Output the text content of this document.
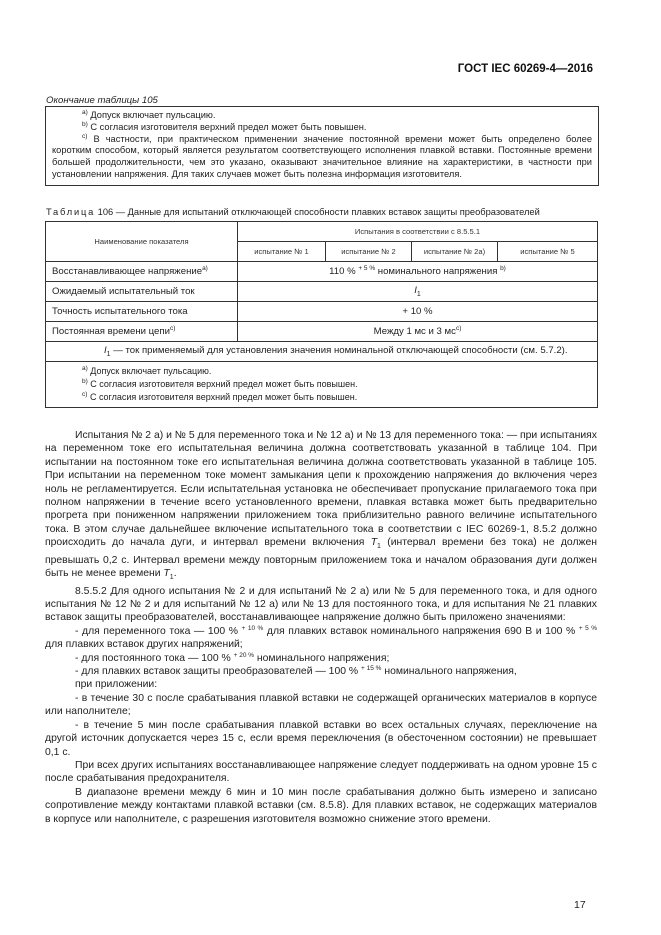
ГОСТ IEC 60269-4—2016
Окончание таблицы 105
$^{a)}$ Допуск включает пульсацию.
$^{b)}$ С согласия изготовителя верхний предел может быть повышен.
$^{c)}$ В частности, при практическом применении значение постоянной времени может быть определено более коротким способом, который является результатом соответствующего исполнения плавкой вставки. Постоянные времени большей продолжительности, чем это указано, оказывают значительное влияние на характеристики, в частности при установлении напряжения. Для таких случаев может быть полезна информация изготовителя.
Таблица 106 — Данные для испытаний отключающей способности плавких вставок защиты преобразователей
Наименование показателя	Испытания в соответствии с 8.5.5.1			
	испытание № 1	испытание № 2	испытание № 2а)	испытание № 5
Восстанавливающее напряжение$^{a)}$	110 % $^{+ 5 \%}$ номинального напряжения $^{b)}$
Ожидаемый испытательный ток	$I_1$
Точность испытательного тока	+ 10 %			
Постоянная времени цепи$^{c)}$	Между 1 мс и 3 $мс^{c)}$
$I_1$ — ток применяемый для установления значения номинальной отключающей способности (см. 5.7.2).				

$^{a)}$ Допуск включает пульсацию.
$^{b)}$ С согласия изготовителя верхний предел может быть повышен.
$^{c)}$ С согласия изготовителя верхний предел может быть повышен.				

Испытания № 2 а) и № 5 для переменного тока и № 12 а) и № 13 для переменного тока: — при испытаниях на переменном токе его испытательная величина должна соответствовать указанной в таблице 104. При испытании на постоянном токе его испытательная величина должна соответствовать указанной в таблице 105. При испытании на переменном токе момент замыкания цепи к прохождению напряжения до включения через ноль не регламентируется. Если испытательная установка не обеспечивает пропускание прилагаемого тока при полном напряжении в течение всего установленного времени, плавкая вставка может быть предварительно прогрета при пониженном напряжении приложением тока приблизительно равного величине испытательного тока. В этом случае дальнейшее включение испытательного тока в соответствии с IEC 60269-1, 8.5.2 должно происходить до начала дуги, и интервал времени включения $T_1$ (интервал времени без тока) не должен превышать 0,2 с. Интервал времени между повторным приложением тока и началом образования дуги должен быть не менее времени $T_1$.

8.5.5.2 Для одного испытания № 2 и для испытаний № 2 а) или № 5 для переменного тока, и для одного испытания № 12 № 2 и для испытаний № 12 а) или № 13 для постоянного тока, и для испытания № 21 плавких вставок защиты преобразователей, восстанавливающее напряжение должно быть приложено значениями:

- для переменного тока — 100 % $^{+ 10 \%}$ для плавких вставок номинального напряжения 690 В и 100 % $^{+ 5 \%}$ для плавких вставок других напряжений;

- для постоянного тока — 100 % $^{+ 20 \%}$ номинального напряжения;

- для плавких вставок защиты преобразователей — 100 % $^{+ 15 \%}$ номинального напряжения,

при приложении:

- в течение 30 с после срабатывания плавкой вставки не содержащей органических материалов в корпусе или наполнителе;

- в течение 5 мин после срабатывания плавкой вставки во всех остальных случаях, переключение на другой источник допускается через 15 с, если время переключения (в обесточенном состоянии) не превышает 0,1 с.

При всех других испытаниях восстанавливающее напряжение следует поддерживать на одном уровне 15 с после срабатывания предохранителя.

В диапазоне времени между 6 мин и 10 мин после срабатывания должно быть измерено и записано сопротивление между контактами плавкой вставки (см. 8.5.8). Для плавких вставок, не содержащих материалов в корпусе или наполнителе, с разрешения изготовителя возможно снижение этого времени.

17
